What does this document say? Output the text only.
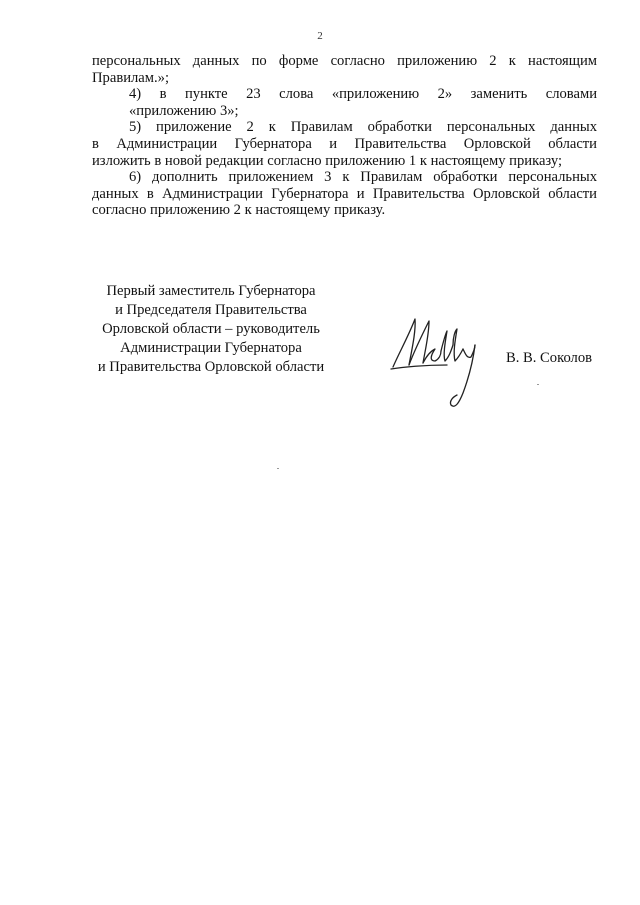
2

персональных данных по форме согласно приложению 2 к настоящим
Правилам.»;

4) в пункте 23 слова «приложению 2» заменить словами
«приложению 3»;

5) приложение 2 к Правилам обработки персональных данных
в Администрации Губернатора и Правительства Орловской области
изложить в новой редакции согласно приложению 1 к настоящему приказу;

6) дополнить приложением 3 к Правилам обработки персональных
данных в Администрации Губернатора и Правительства Орловской области
согласно приложению 2 к настоящему приказу.

Первый заместитель Губернатора
и Председателя Правительства
Орловской области – руководитель
Администрации Губернатора
и Правительства Орловской области
В. В. Соколов
